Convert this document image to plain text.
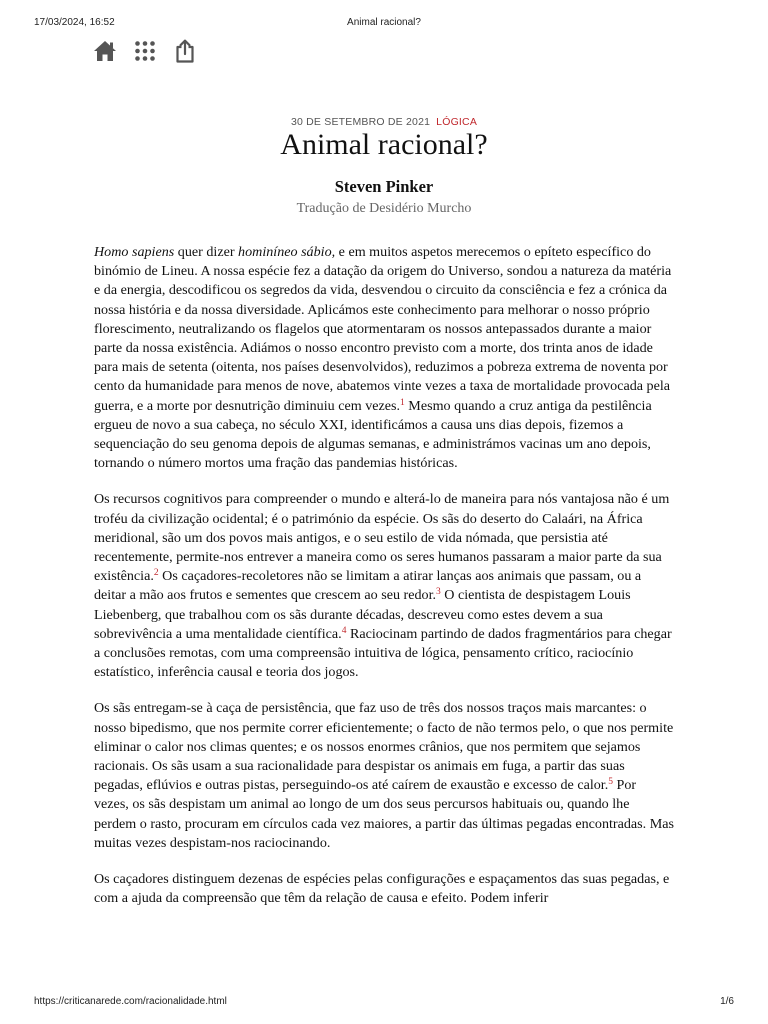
17/03/2024, 16:52	Animal racional?
30 DE SETEMBRO DE 2021 LÓGICA
Animal racional?
Steven Pinker
Tradução de Desidério Murcho

Homo sapiens quer dizer hominíneo sábio, e em muitos aspetos merecemos o epíteto específico do binómio de Lineu. A nossa espécie fez a datação da origem do Universo, sondou a natureza da matéria e da energia, descodificou os segredos da vida, desvendou o circuito da consciência e fez a crónica da nossa história e da nossa diversidade. Aplicámos este conhecimento para melhorar o nosso próprio florescimento, neutralizando os flagelos que atormentaram os nossos antepassados durante a maior parte da nossa existência. Adiámos o nosso encontro previsto com a morte, dos trinta anos de idade para mais de setenta (oitenta, nos países desenvolvidos), reduzimos a pobreza extrema de noventa por cento da humanidade para menos de nove, abatemos vinte vezes a taxa de mortalidade provocada pela guerra, e a morte por desnutrição diminuiu cem vezes.$^1$ Mesmo quando a cruz antiga da pestilência ergueu de novo a sua cabeça, no século XXI, identificámos a causa uns dias depois, fizemos a sequenciação do seu genoma depois de algumas semanas, e administrámos vacinas um ano depois, tornando o número mortos uma fração das pandemias históricas.

Os recursos cognitivos para compreender o mundo e alterá-lo de maneira para nós vantajosa não é um troféu da civilização ocidental; é o património da espécie. Os sãs do deserto do Calaári, na África meridional, são um dos povos mais antigos, e o seu estilo de vida nómada, que persistia até recentemente, permite-nos entrever a maneira como os seres humanos passaram a maior parte da sua existência.$^2$ Os caçadores-recoletores não se limitam a atirar lanças aos animais que passam, ou a deitar a mão aos frutos e sementes que crescem ao seu redor.$^3$ O cientista de despistagem Louis Liebenberg, que trabalhou com os sãs durante décadas, descreveu como estes devem a sua sobrevivência a uma mentalidade científica.$^4$ Raciocinam partindo de dados fragmentários para chegar a conclusões remotas, com uma compreensão intuitiva de lógica, pensamento crítico, raciocínio estatístico, inferência causal e teoria dos jogos.

Os sãs entregam-se à caça de persistência, que faz uso de três dos nossos traços mais marcantes: o nosso bipedismo, que nos permite correr eficientemente; o facto de não termos pelo, o que nos permite eliminar o calor nos climas quentes; e os nossos enormes crânios, que nos permitem que sejamos racionais. Os sãs usam a sua racionalidade para despistar os animais em fuga, a partir das suas pegadas, eflúvios e outras pistas, perseguindo-os até caírem de exaustão e excesso de calor.$^5$ Por vezes, os sãs despistam um animal ao longo de um dos seus percursos habituais ou, quando lhe perdem o rasto, procuram em círculos cada vez maiores, a partir das últimas pegadas encontradas. Mas muitas vezes despistam-nos raciocinando.

Os caçadores distinguem dezenas de espécies pelas configurações e espaçamentos das suas pegadas, e com a ajuda da compreensão que têm da relação de causa e efeito. Podem inferir

https://criticanarede.com/racionalidade.html	1/6
